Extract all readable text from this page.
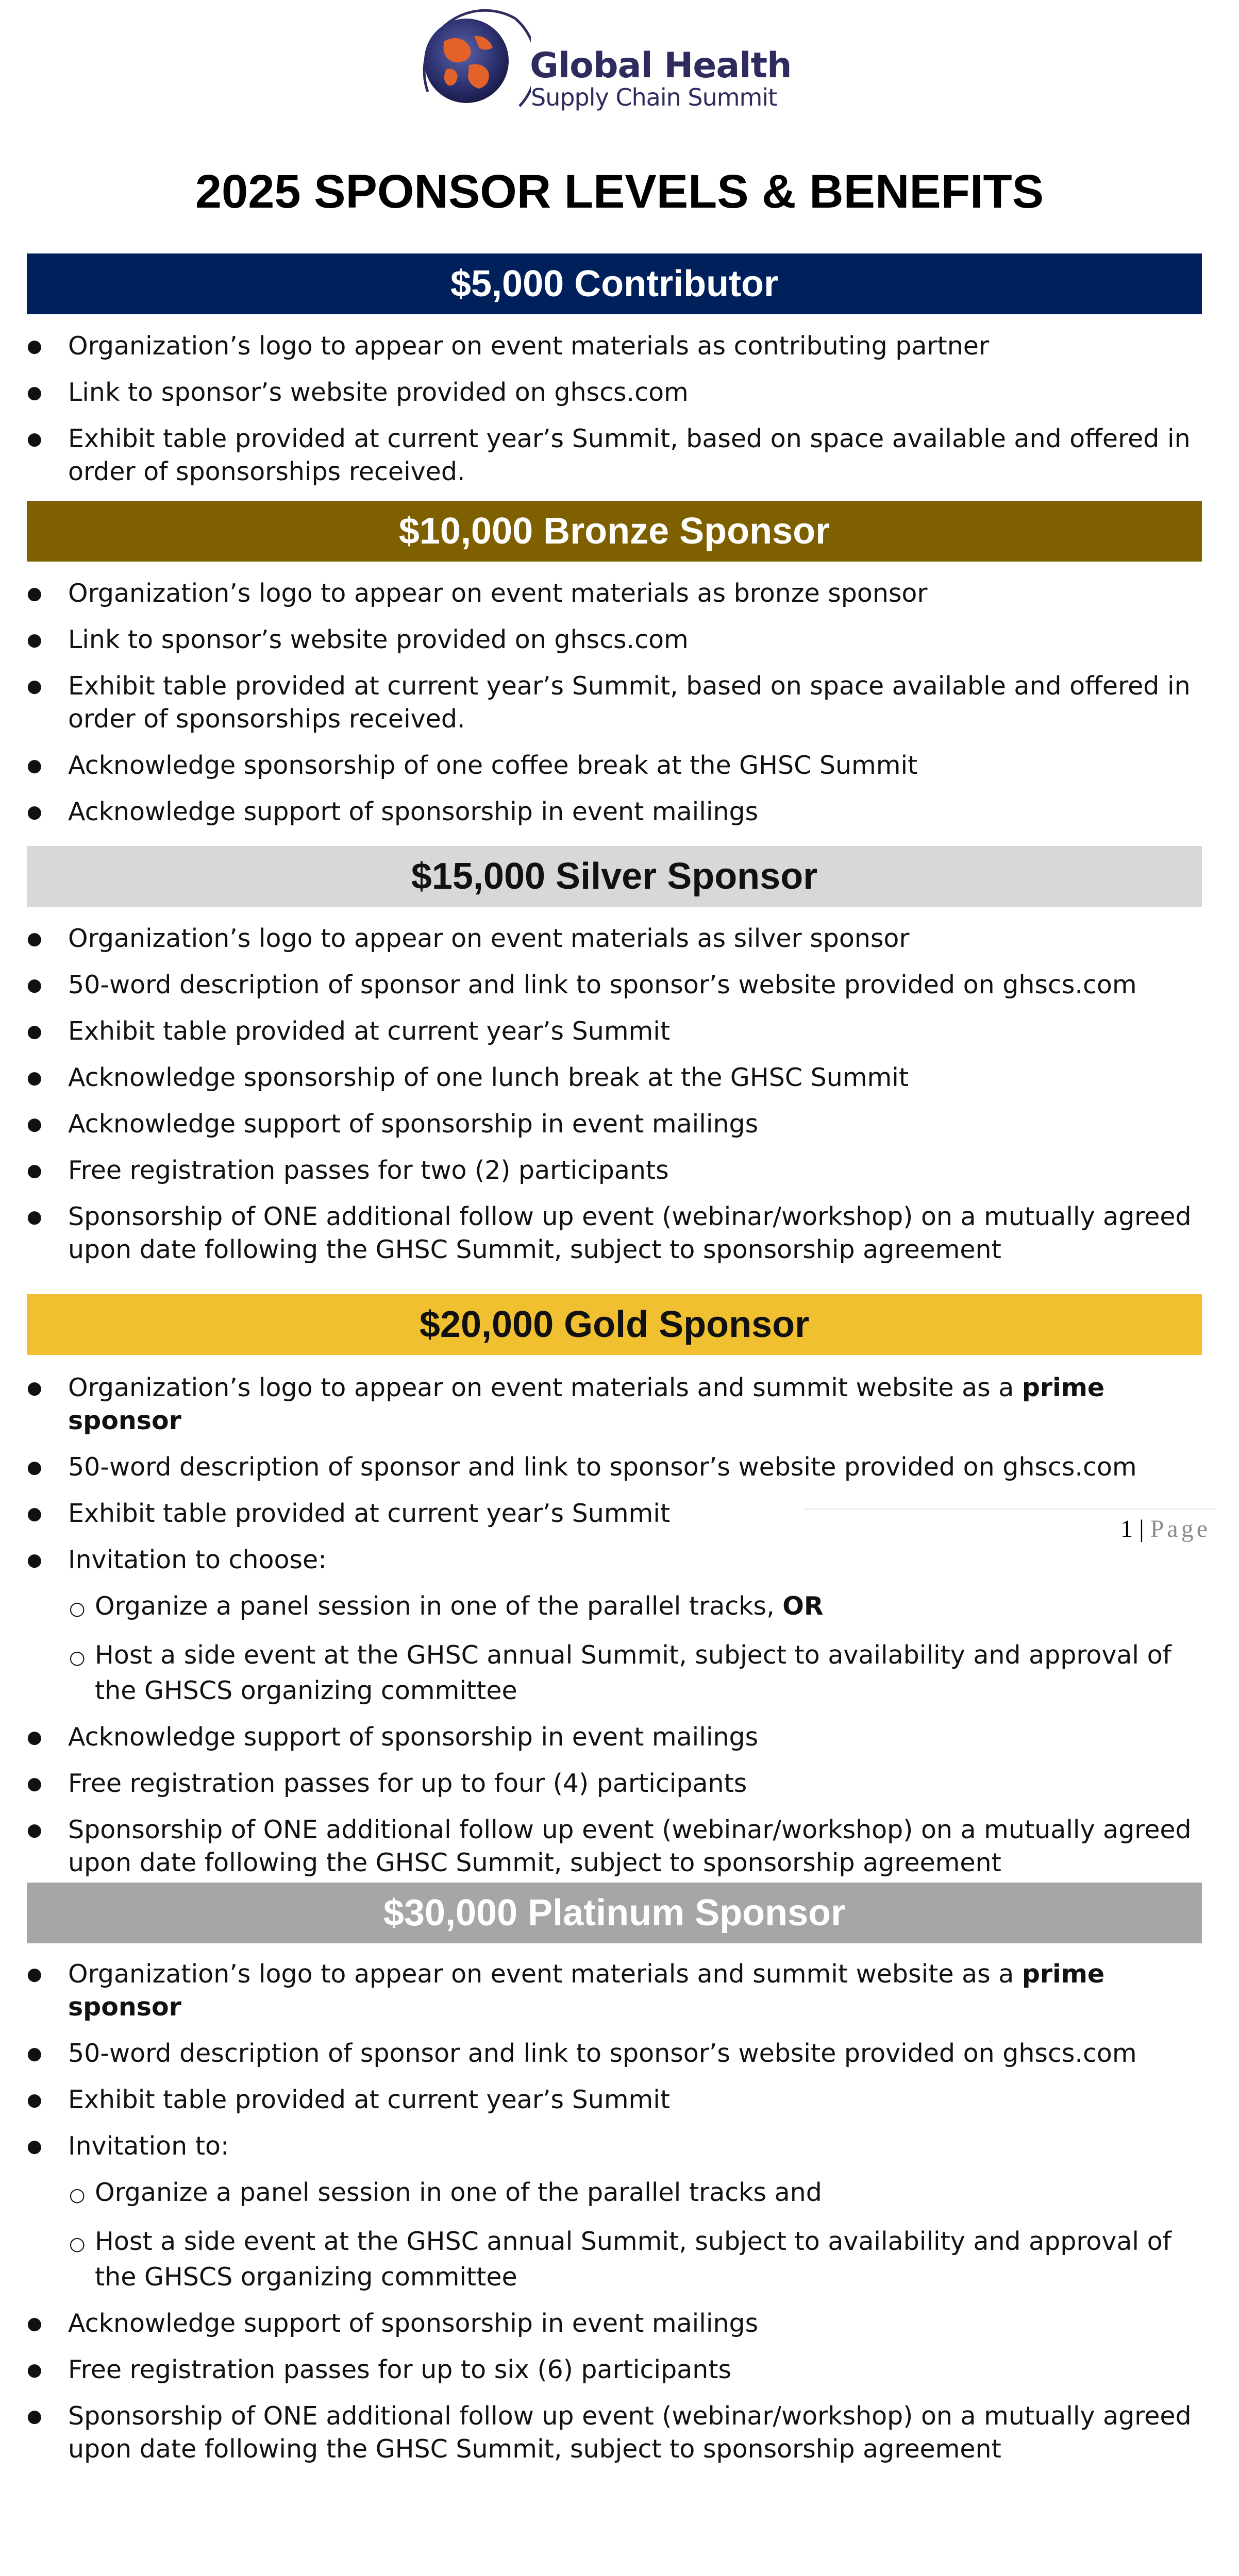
Global Health
Supply Chain Summit
2025 SPONSOR LEVELS & BENEFITS
$5,000 Contributor
● Organization’s logo to appear on event materials as contributing partner
● Link to sponsor’s website provided on ghscs.com
● Exhibit table provided at current year’s Summit, based on space available and offered in order of sponsorships received.
$10,000 Bronze Sponsor
● Organization’s logo to appear on event materials as bronze sponsor
● Link to sponsor’s website provided on ghscs.com
● Exhibit table provided at current year’s Summit, based on space available and offered in order of sponsorships received.
● Acknowledge sponsorship of one coffee break at the GHSC Summit
● Acknowledge support of sponsorship in event mailings
$15,000 Silver Sponsor
● Organization’s logo to appear on event materials as silver sponsor
● 50-word description of sponsor and link to sponsor’s website provided on ghscs.com
● Exhibit table provided at current year’s Summit
● Acknowledge sponsorship of one lunch break at the GHSC Summit
● Acknowledge support of sponsorship in event mailings
● Free registration passes for two (2) participants
● Sponsorship of ONE additional follow up event (webinar/workshop) on a mutually agreed upon date following the GHSC Summit, subject to sponsorship agreement
$20,000 Gold Sponsor
● Organization’s logo to appear on event materials and summit website as a prime sponsor
● 50-word description of sponsor and link to sponsor’s website provided on ghscs.com
● Exhibit table provided at current year’s Summit
● Invitation to choose:
○ Organize a panel session in one of the parallel tracks, OR
○ Host a side event at the GHSC annual Summit, subject to availability and approval of the GHSCS organizing committee
● Acknowledge support of sponsorship in event mailings
● Free registration passes for up to four (4) participants
● Sponsorship of ONE additional follow up event (webinar/workshop) on a mutually agreed upon date following the GHSC Summit, subject to sponsorship agreement
1 | Page
$30,000 Platinum Sponsor
● Organization’s logo to appear on event materials and summit website as a prime sponsor
● 50-word description of sponsor and link to sponsor’s website provided on ghscs.com
● Exhibit table provided at current year’s Summit
● Invitation to:
○ Organize a panel session in one of the parallel tracks and
○ Host a side event at the GHSC annual Summit, subject to availability and approval of the GHSCS organizing committee
● Acknowledge support of sponsorship in event mailings
● Free registration passes for up to six (6) participants
● Sponsorship of ONE additional follow up event (webinar/workshop) on a mutually agreed upon date following the GHSC Summit, subject to sponsorship agreement
